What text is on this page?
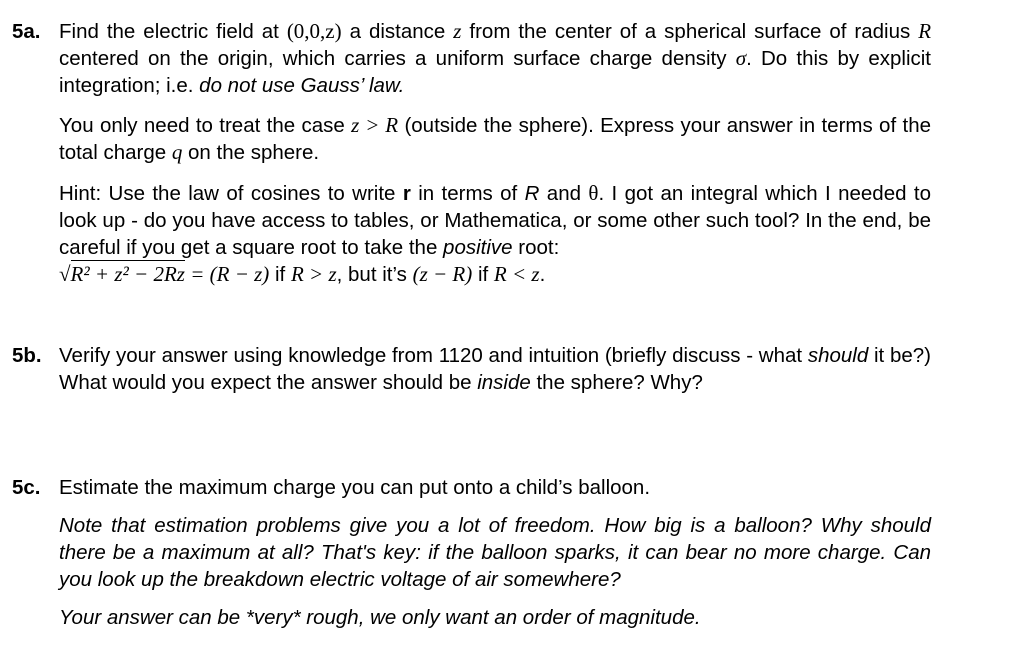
5a. Find the electric field at (0,0,z) a distance z from the center of a spherical surface of radius R centered on the origin, which carries a uniform surface charge density σ. Do this by explicit integration; i.e. do not use Gauss’ law.
You only need to treat the case z > R (outside the sphere). Express your answer in terms of the total charge q on the sphere.
Hint: Use the law of cosines to write r in terms of R and θ. I got an integral which I needed to look up - do you have access to tables, or Mathematica, or some other such tool? In the end, be careful if you get a square root to take the positive root:
√R² + z² − 2Rz = (R − z) if R > z, but it’s (z − R) if R < z.
5b. Verify your answer using knowledge from 1120 and intuition (briefly discuss - what should it be?) What would you expect the answer should be inside the sphere? Why?
5c. Estimate the maximum charge you can put onto a child’s balloon.
Note that estimation problems give you a lot of freedom. How big is a balloon? Why should there be a maximum at all? That's key: if the balloon sparks, it can bear no more charge. Can you look up the breakdown electric voltage of air somewhere?
Your answer can be *very* rough, we only want an order of magnitude.
